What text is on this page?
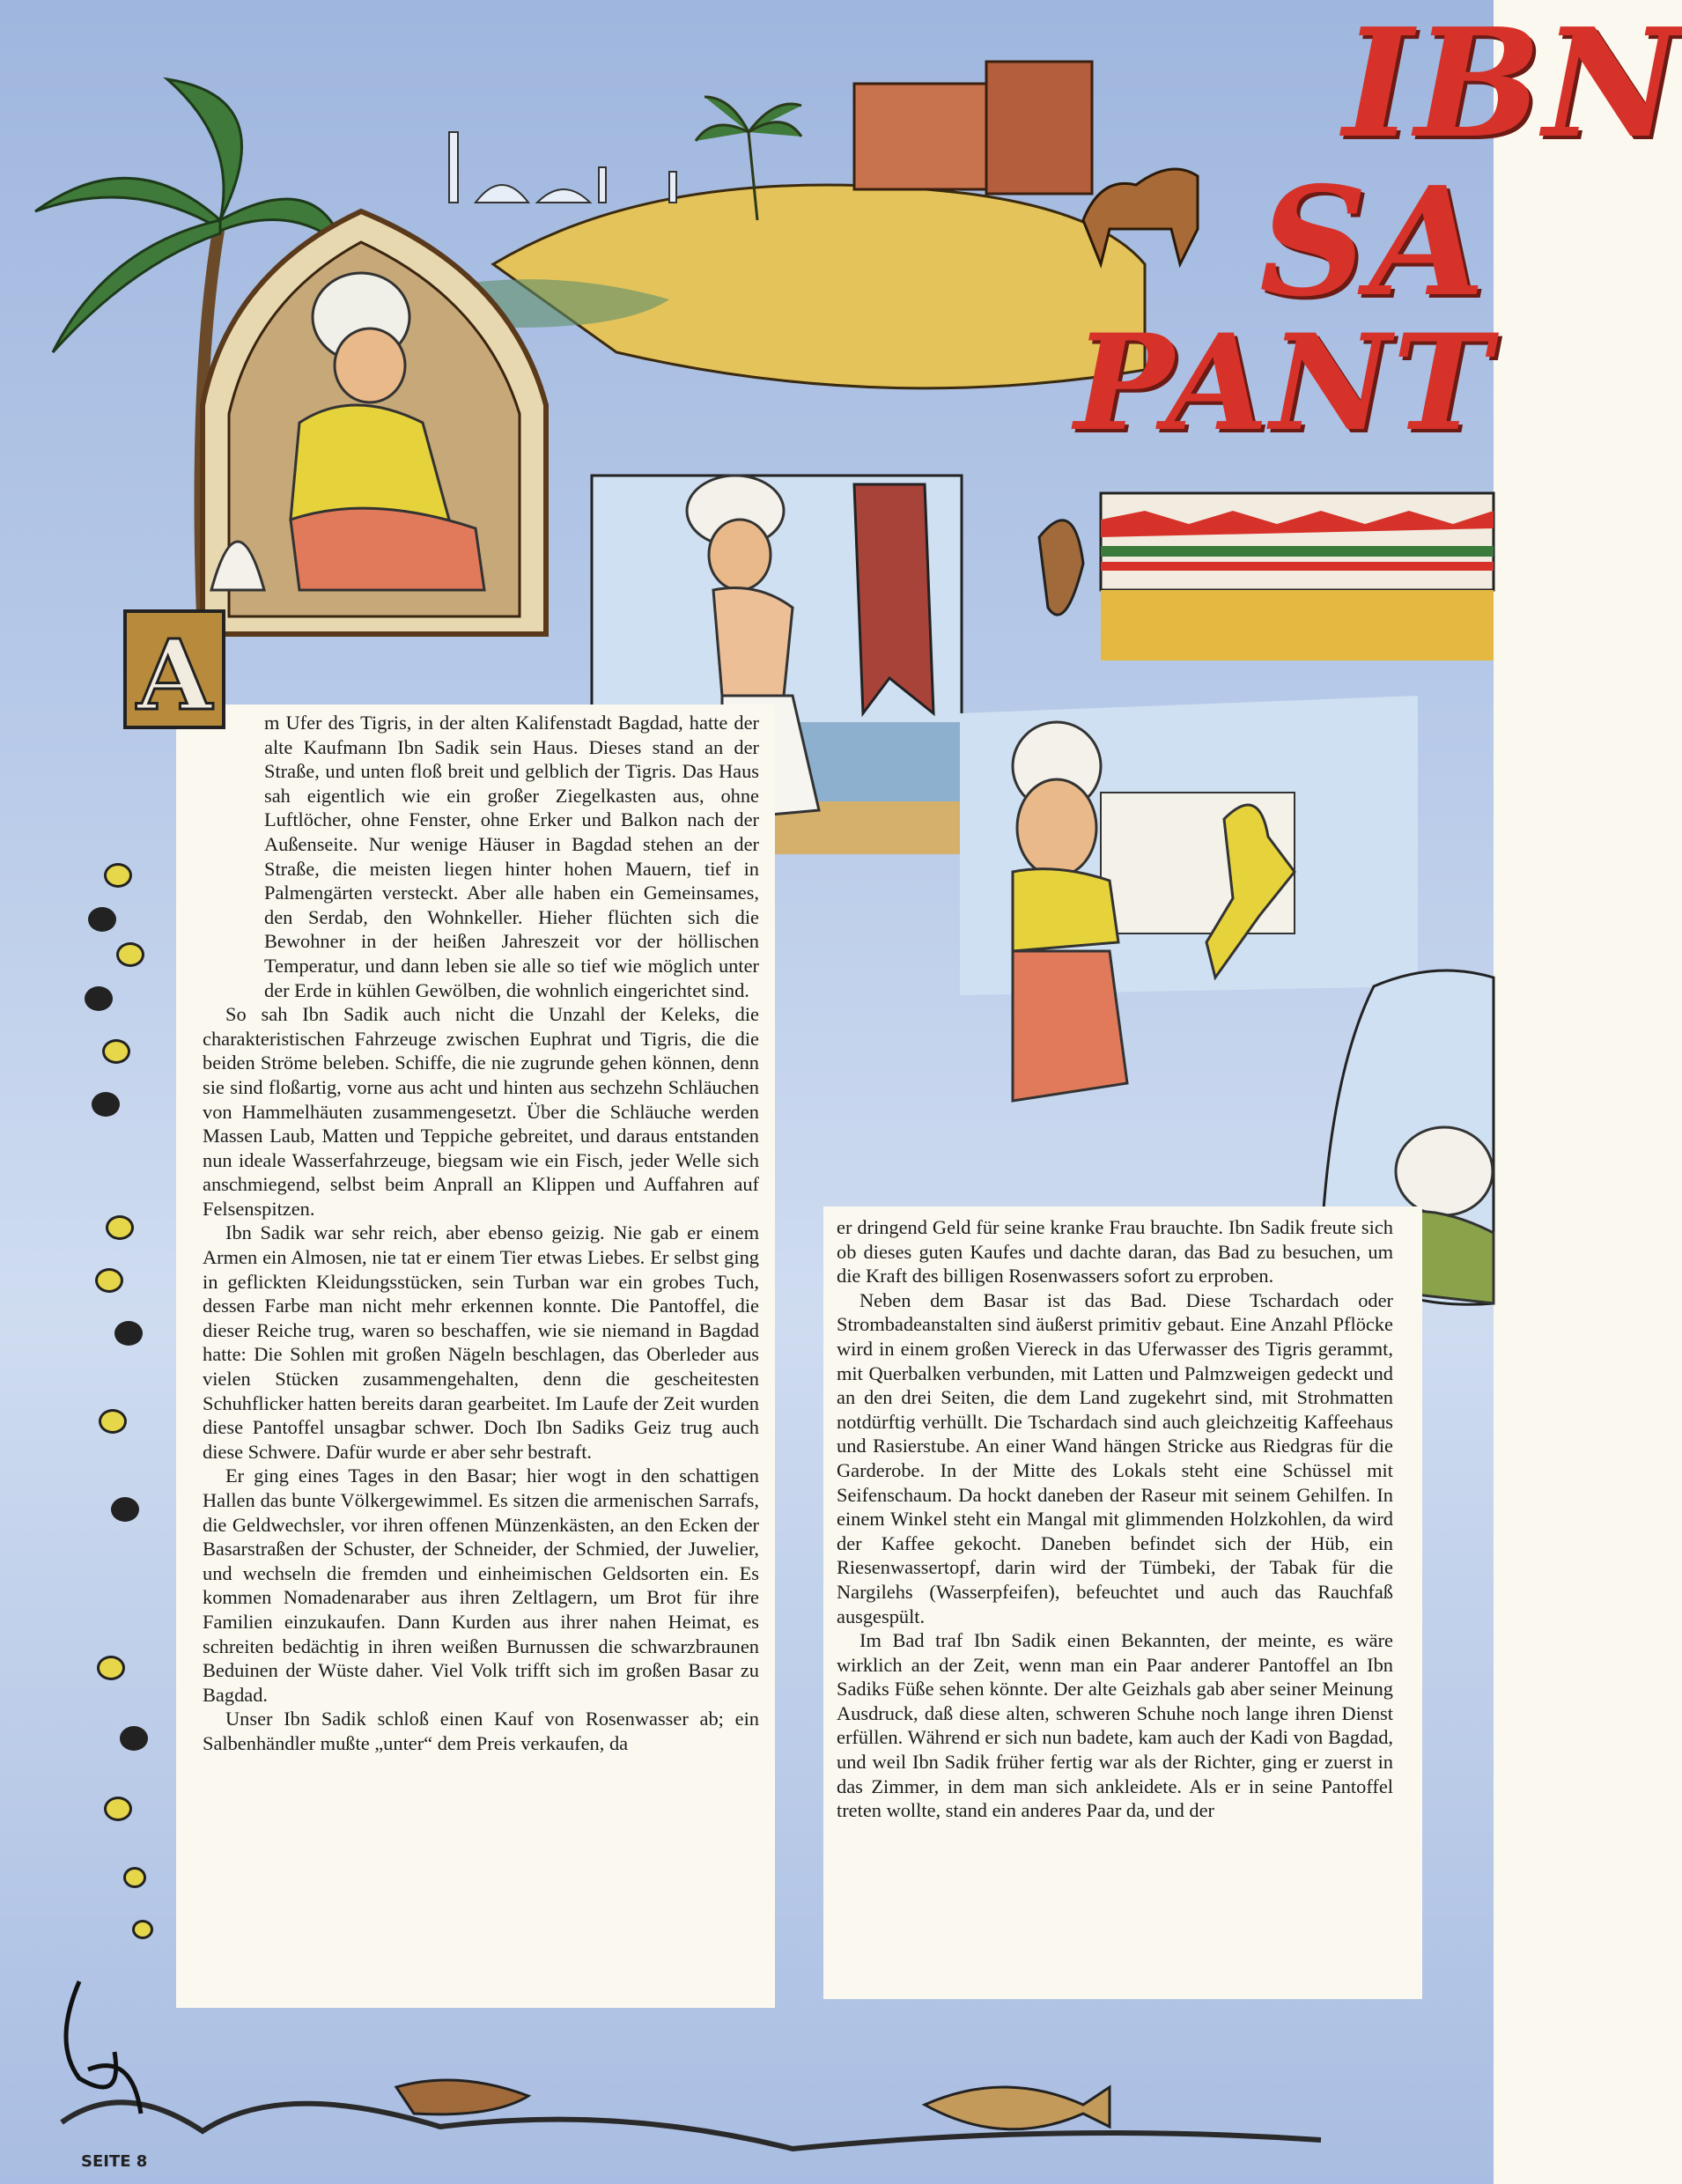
IBN
SA
PANT
A	m Ufer des Tigris, in der alten Kalifenstadt Bagdad, hatte der alte Kaufmann Ibn Sadik sein Haus. Dieses stand an der Straße, und unten floß breit und gelblich der Tigris. Das Haus sah eigentlich wie ein großer Ziegelkasten aus, ohne Luftlöcher, ohne Fenster, ohne Erker und Balkon nach der Außenseite. Nur wenige Häuser in Bagdad stehen an der Straße, die meisten liegen hinter hohen Mauern, tief in Palmengärten versteckt. Aber alle haben ein Gemeinsames, den Serdab, den Wohnkeller. Hieher flüchten sich die Bewohner in der heißen Jahreszeit vor der höllischen Temperatur, und dann leben sie alle so tief wie möglich unter der Erde in kühlen Gewölben, die wohnlich eingerichtet sind.

So sah Ibn Sadik auch nicht die Unzahl der Keleks, die charakteristischen Fahrzeuge zwischen Euphrat und Tigris, die die beiden Ströme beleben. Schiffe, die nie zugrunde gehen können, denn sie sind floßartig, vorne aus acht und hinten aus sechzehn Schläuchen von Hammelhäuten zusammengesetzt. Über die Schläuche werden Massen Laub, Matten und Teppiche gebreitet, und daraus entstanden nun ideale Wasserfahrzeuge, biegsam wie ein Fisch, jeder Welle sich anschmiegend, selbst beim Anprall an Klippen und Auffahren auf Felsenspitzen.

Ibn Sadik war sehr reich, aber ebenso geizig. Nie gab er einem Armen ein Almosen, nie tat er einem Tier etwas Liebes. Er selbst ging in geflickten Kleidungsstücken, sein Turban war ein grobes Tuch, dessen Farbe man nicht mehr erkennen konnte. Die Pantoffel, die dieser Reiche trug, waren so beschaffen, wie sie niemand in Bagdad hatte: Die Sohlen mit großen Nägeln beschlagen, das Oberleder aus vielen Stücken zusammengehalten, denn die gescheitesten Schuhflicker hatten bereits daran gearbeitet. Im Laufe der Zeit wurden diese Pantoffel unsagbar schwer. Doch Ibn Sadiks Geiz trug auch diese Schwere. Dafür wurde er aber sehr bestraft.

Er ging eines Tages in den Basar; hier wogt in den schattigen Hallen das bunte Völkergewimmel. Es sitzen die armenischen Sarrafs, die Geldwechsler, vor ihren offenen Münzenkästen, an den Ecken der Basarstraßen der Schuster, der Schneider, der Schmied, der Juwelier, und wechseln die fremden und einheimischen Geldsorten ein. Es kommen Nomadenaraber aus ihren Zeltlagern, um Brot für ihre Familien einzukaufen. Dann Kurden aus ihrer nahen Heimat, es schreiten bedächtig in ihren weißen Burnussen die schwarzbraunen Beduinen der Wüste daher. Viel Volk trifft sich im großen Basar zu Bagdad.

Unser Ibn Sadik schloß einen Kauf von Rosenwasser ab; ein Salbenhändler mußte „unter“ dem Preis verkaufen, da

er dringend Geld für seine kranke Frau brauchte. Ibn Sadik freute sich ob dieses guten Kaufes und dachte daran, das Bad zu besuchen, um die Kraft des billigen Rosenwassers sofort zu erproben.

Neben dem Basar ist das Bad. Diese Tschardach oder Strombadeanstalten sind äußerst primitiv gebaut. Eine Anzahl Pflöcke wird in einem großen Viereck in das Uferwasser des Tigris gerammt, mit Querbalken verbunden, mit Latten und Palmzweigen gedeckt und an den drei Seiten, die dem Land zugekehrt sind, mit Strohmatten notdürftig verhüllt. Die Tschardach sind auch gleichzeitig Kaffeehaus und Rasierstube. An einer Wand hängen Stricke aus Riedgras für die Garderobe. In der Mitte des Lokals steht eine Schüssel mit Seifenschaum. Da hockt daneben der Raseur mit seinem Gehilfen. In einem Winkel steht ein Mangal mit glimmenden Holzkohlen, da wird der Kaffee gekocht. Daneben befindet sich der Hüb, ein Riesenwassertopf, darin wird der Tümbeki, der Tabak für die Nargilehs (Wasserpfeifen), befeuchtet und auch das Rauchfaß ausgespült.

Im Bad traf Ibn Sadik einen Bekannten, der meinte, es wäre wirklich an der Zeit, wenn man ein Paar anderer Pantoffel an Ibn Sadiks Füße sehen könnte. Der alte Geizhals gab aber seiner Meinung Ausdruck, daß diese alten, schweren Schuhe noch lange ihren Dienst erfüllen. Während er sich nun badete, kam auch der Kadi von Bagdad, und weil Ibn Sadik früher fertig war als der Richter, ging er zuerst in das Zimmer, in dem man sich ankleidete. Als er in seine Pantoffel treten wollte, stand ein anderes Paar da, und der

SEITE 8
